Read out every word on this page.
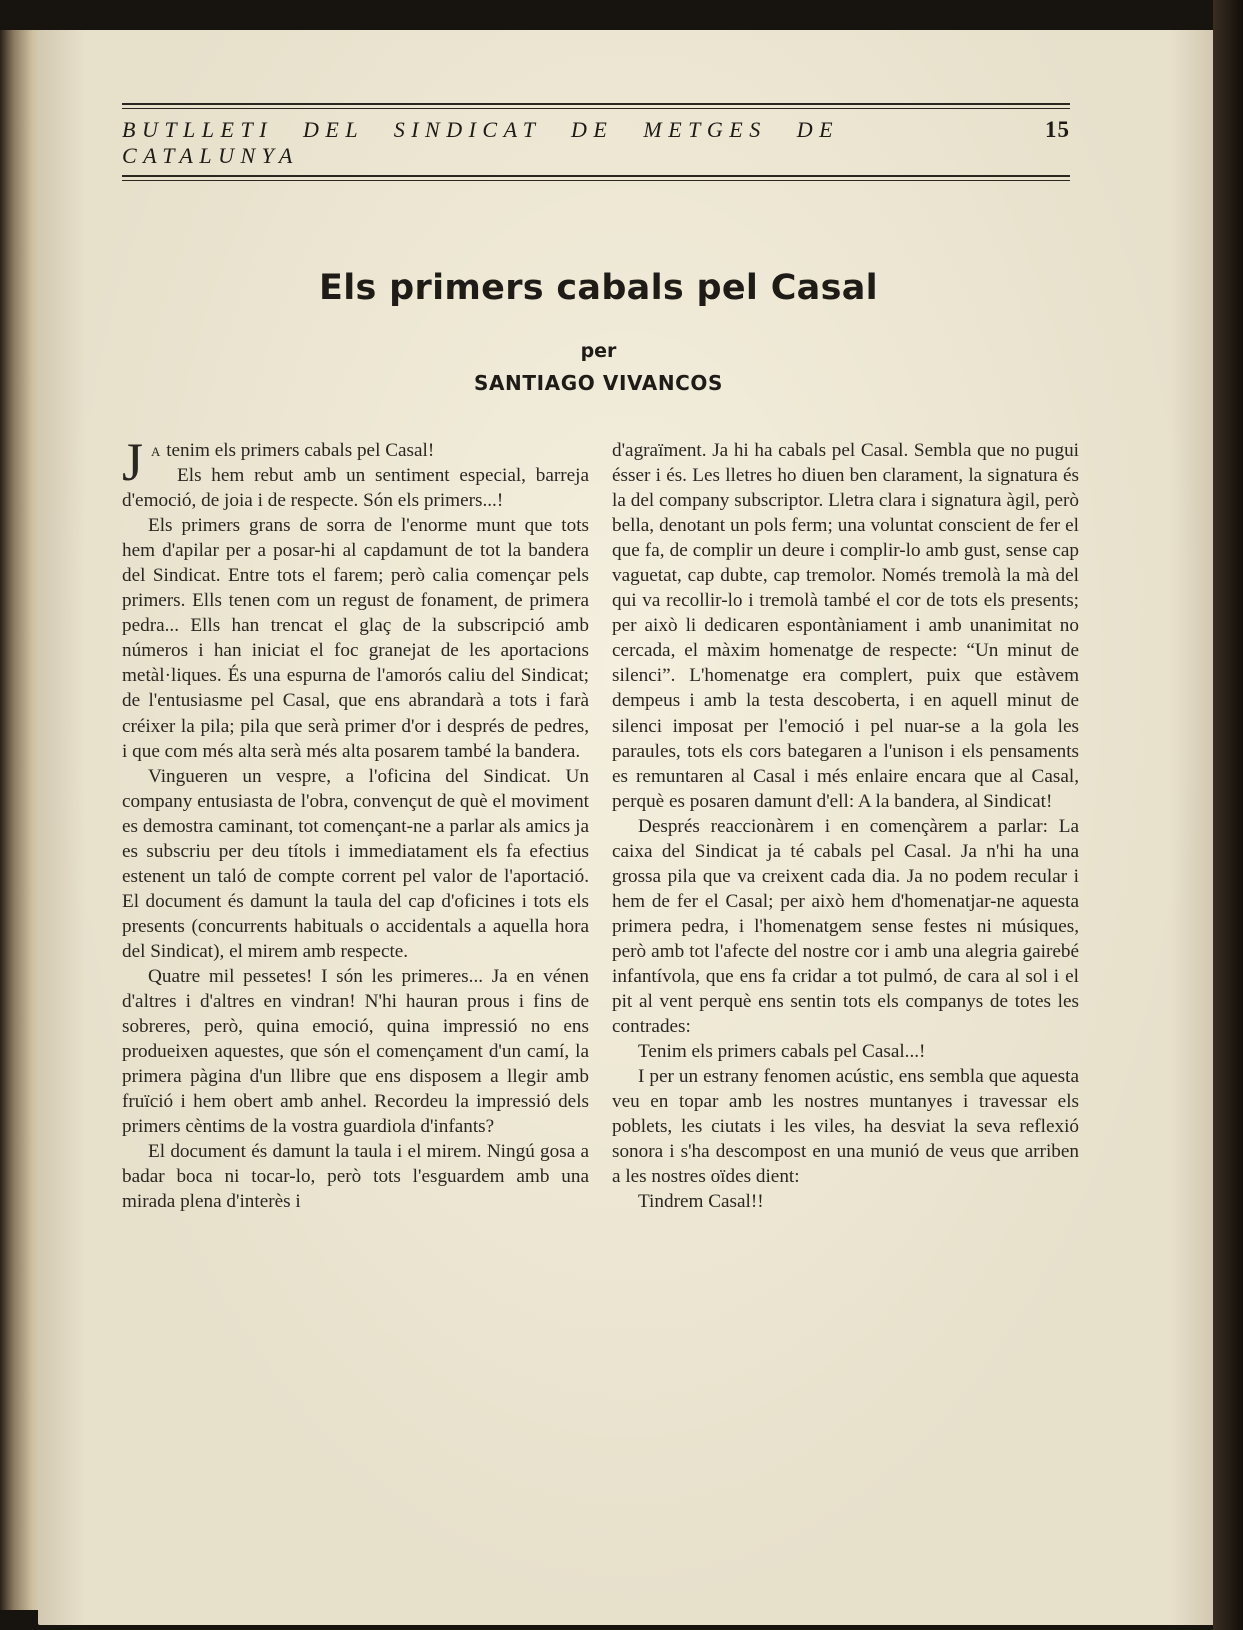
BUTLLETI DEL SINDICAT DE METGES DE CATALUNYA
15
Els primers cabals pel Casal
per
SANTIAGO VIVANCOS

Ja tenim els primers cabals pel Casal!

Els hem rebut amb un sentiment especial, barreja d'emoció, de joia i de respecte. Són els primers...!

Els primers grans de sorra de l'enorme munt que tots hem d'apilar per a posar-hi al capdamunt de tot la bandera del Sindicat. Entre tots el farem; però calia començar pels primers. Ells tenen com un regust de fonament, de primera pedra... Ells han trencat el glaç de la subscripció amb números i han iniciat el foc granejat de les aportacions metàl·liques. És una espurna de l'amorós caliu del Sindicat; de l'entusiasme pel Casal, que ens abrandarà a tots i farà créixer la pila; pila que serà primer d'or i després de pedres, i que com més alta serà més alta posarem també la bandera.

Vingueren un vespre, a l'oficina del Sindicat. Un company entusiasta de l'obra, convençut de què el moviment es demostra caminant, tot començant-ne a parlar als amics ja es subscriu per deu títols i immediatament els fa efectius estenent un taló de compte corrent pel valor de l'aportació. El document és damunt la taula del cap d'oficines i tots els presents (concurrents habituals o accidentals a aquella hora del Sindicat), el mirem amb respecte.

Quatre mil pessetes! I són les primeres... Ja en vénen d'altres i d'altres en vindran! N'hi hauran prous i fins de sobreres, però, quina emoció, quina impressió no ens produeixen aquestes, que són el començament d'un camí, la primera pàgina d'un llibre que ens disposem a llegir amb fruïció i hem obert amb anhel. Recordeu la impressió dels primers cèntims de la vostra guardiola d'infants?

El document és damunt la taula i el mirem. Ningú gosa a badar boca ni tocar-lo, però tots l'esguardem amb una mirada plena d'interès i

d'agraïment. Ja hi ha cabals pel Casal. Sembla que no pugui ésser i és. Les lletres ho diuen ben clarament, la signatura és la del company subscriptor. Lletra clara i signatura àgil, però bella, denotant un pols ferm; una voluntat conscient de fer el que fa, de complir un deure i complir-lo amb gust, sense cap vaguetat, cap dubte, cap tremolor. Només tremolà la mà del qui va recollir-lo i tremolà també el cor de tots els presents; per això li dedicaren espontàniament i amb unanimitat no cercada, el màxim homenatge de respecte: “Un minut de silenci”. L'homenatge era complert, puix que estàvem dempeus i amb la testa descoberta, i en aquell minut de silenci imposat per l'emoció i pel nuar-se a la gola les paraules, tots els cors bategaren a l'unison i els pensaments es remuntaren al Casal i més enlaire encara que al Casal, perquè es posaren damunt d'ell: A la bandera, al Sindicat!

Després reaccionàrem i en començàrem a parlar: La caixa del Sindicat ja té cabals pel Casal. Ja n'hi ha una grossa pila que va creixent cada dia. Ja no podem recular i hem de fer el Casal; per això hem d'homenatjar-ne aquesta primera pedra, i l'homenatgem sense festes ni músiques, però amb tot l'afecte del nostre cor i amb una alegria gairebé infantívola, que ens fa cridar a tot pulmó, de cara al sol i el pit al vent perquè ens sentin tots els companys de totes les contrades:

Tenim els primers cabals pel Casal...!

I per un estrany fenomen acústic, ens sembla que aquesta veu en topar amb les nostres muntanyes i travessar els poblets, les ciutats i les viles, ha desviat la seva reflexió sonora i s'ha descompost en una munió de veus que arriben a les nostres oïdes dient:

Tindrem Casal!!
